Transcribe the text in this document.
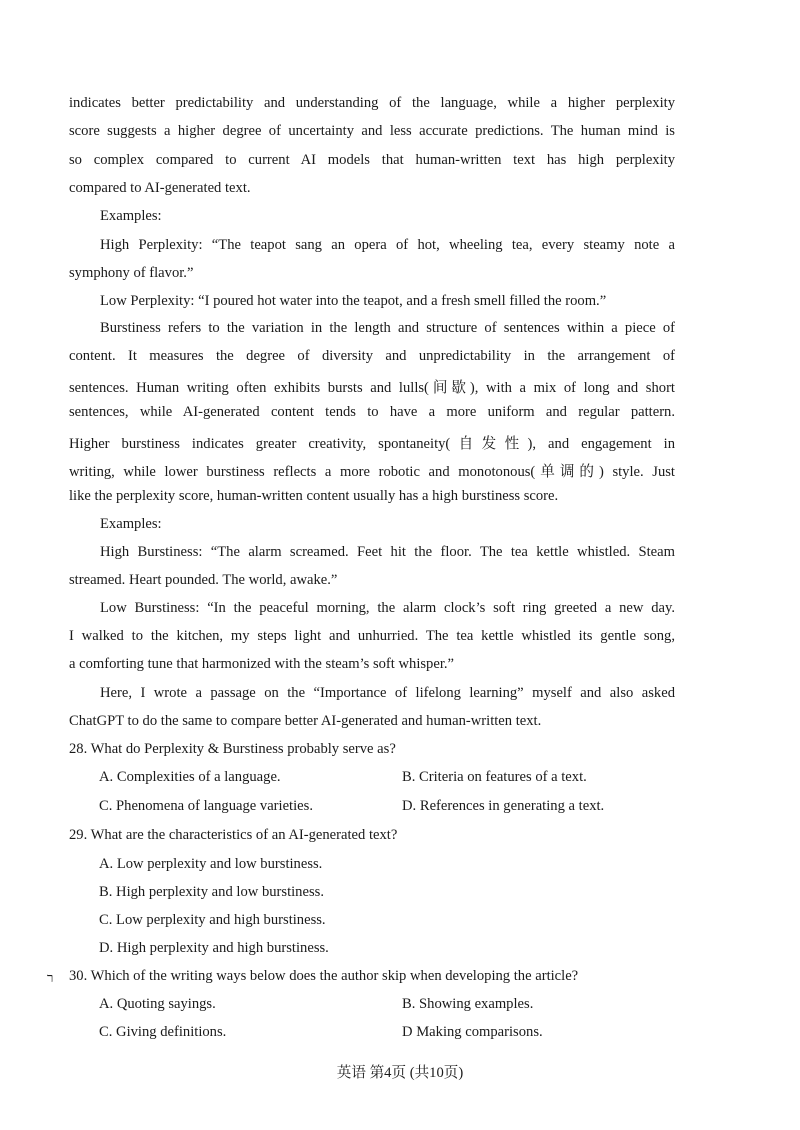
indicates better predictability and understanding of the language, while a higher perplexity
score suggests a higher degree of uncertainty and less accurate predictions. The human mind is
so complex compared to current AI models that human-written text has high perplexity
compared to AI-generated text.
Examples:
High Perplexity: “The teapot sang an opera of hot, wheeling tea, every steamy note a
symphony of flavor.”
Low Perplexity: “I poured hot water into the teapot, and a fresh smell filled the room.”
Burstiness refers to the variation in the length and structure of sentences within a piece of
content. It measures the degree of diversity and unpredictability in the arrangement of
sentences. Human writing often exhibits bursts and lulls(间歇), with a mix of long and short
sentences, while AI-generated content tends to have a more uniform and regular pattern.
Higher burstiness indicates greater creativity, spontaneity(自发性), and engagement in
writing, while lower burstiness reflects a more robotic and monotonous(单调的) style. Just
like the perplexity score, human-written content usually has a high burstiness score.
Examples:
High Burstiness: “The alarm screamed. Feet hit the floor. The tea kettle whistled. Steam
streamed. Heart pounded. The world, awake.”
Low Burstiness: “In the peaceful morning, the alarm clock’s soft ring greeted a new day.
I walked to the kitchen, my steps light and unhurried. The tea kettle whistled its gentle song,
a comforting tune that harmonized with the steam’s soft whisper.”
Here, I wrote a passage on the “Importance of lifelong learning” myself and also asked
ChatGPT to do the same to compare better AI-generated and human-written text.
28. What do Perplexity & Burstiness probably serve as?
A. Complexities of a language.	B. Criteria on features of a text.
C. Phenomena of language varieties.	D. References in generating a text.
29. What are the characteristics of an AI-generated text?
A. Low perplexity and low burstiness.
B. High perplexity and low burstiness.
C. Low perplexity and high burstiness.
D. High perplexity and high burstiness.
ר 30. Which of the writing ways below does the author skip when developing the article?
A. Quoting sayings.	B. Showing examples.
C. Giving definitions.	D Making comparisons.
英语 第4页 (共10页)
